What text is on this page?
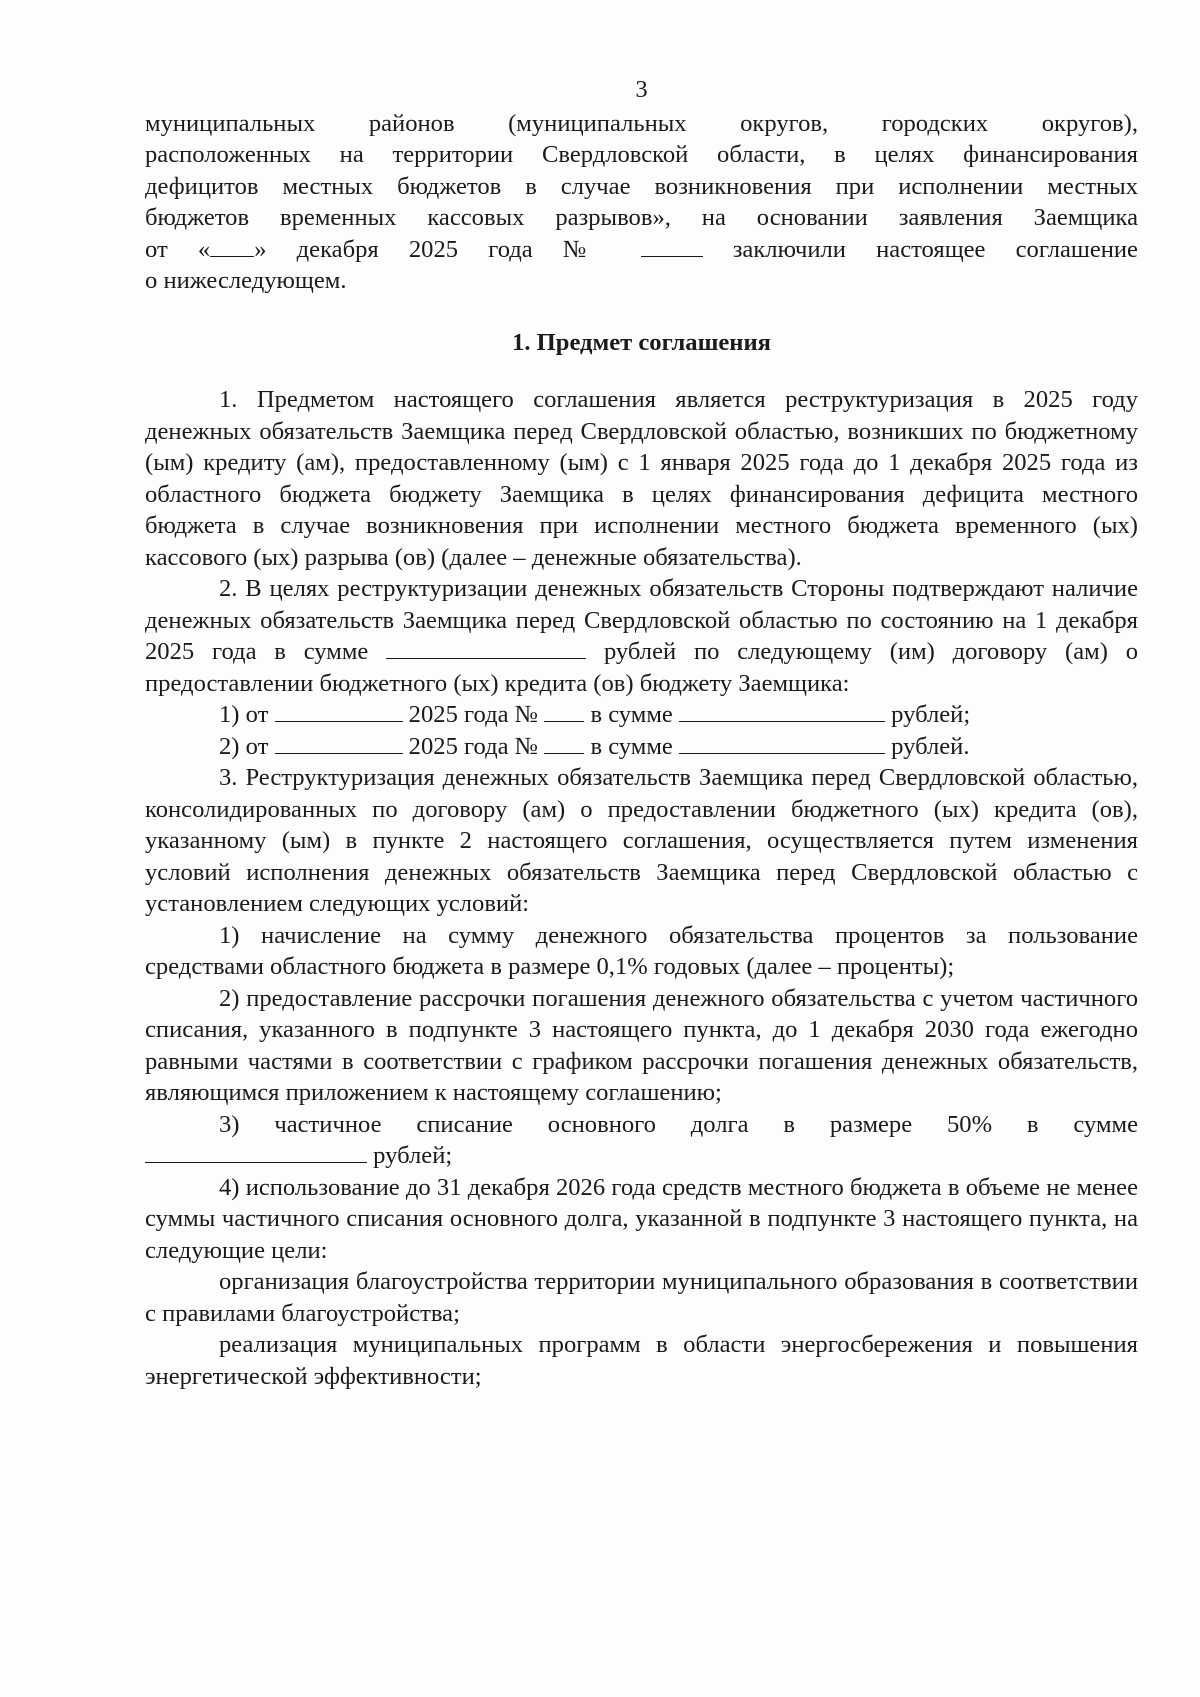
3

муниципальных районов (муниципальных округов, городских округов),

расположенных на территории Свердловской области, в целях финансирования

дефицитов местных бюджетов в случае возникновения при исполнении местных

бюджетов временных кассовых разрывов», на основании заявления Заемщика

от « » декабря 2025 года №	заключили настоящее соглашение

о нижеследующем.

1. Предмет соглашения

1. Предметом настоящего соглашения является реструктуризация в 2025 году денежных обязательств Заемщика перед Свердловской областью, возникших по бюджетному (ым) кредиту (ам), предоставленному (ым) с 1 января 2025 года до 1 декабря 2025 года из областного бюджета бюджету Заемщика в целях финансирования дефицита местного бюджета в случае возникновения при исполнении местного бюджета временного (ых) кассового (ых) разрыва (ов) (далее – денежные обязательства).

2. В целях реструктуризации денежных обязательств Стороны подтверждают наличие денежных обязательств Заемщика перед Свердловской областью по состоянию на 1 декабря 2025 года в сумме	рублей по следующему (им) договору (ам) о предоставлении бюджетного (ых) кредита (ов) бюджету Заемщика:

1) от	2025 года № в сумме	рублей;

2) от	2025 года № в сумме	рублей.

3. Реструктуризация денежных обязательств Заемщика перед Свердловской областью, консолидированных по договору (ам) о предоставлении бюджетного (ых) кредита (ов), указанному (ым) в пункте 2 настоящего соглашения, осуществляется путем изменения условий исполнения денежных обязательств Заемщика перед Свердловской областью с установлением следующих условий:

1) начисление на сумму денежного обязательства процентов за пользование средствами областного бюджета в размере 0,1% годовых (далее – проценты);

2) предоставление рассрочки погашения денежного обязательства с учетом частичного списания, указанного в подпункте 3 настоящего пункта, до 1 декабря 2030 года ежегодно равными частями в соответствии с графиком рассрочки погашения денежных обязательств, являющимся приложением к настоящему соглашению;

3) частичное списание основного долга в размере 50% в сумме

рублей;

4) использование до 31 декабря 2026 года средств местного бюджета в объеме не менее суммы частичного списания основного долга, указанной в подпункте 3 настоящего пункта, на следующие цели:

организация благоустройства территории муниципального образования в соответствии с правилами благоустройства;

реализация муниципальных программ в области энергосбережения и повышения энергетической эффективности;
